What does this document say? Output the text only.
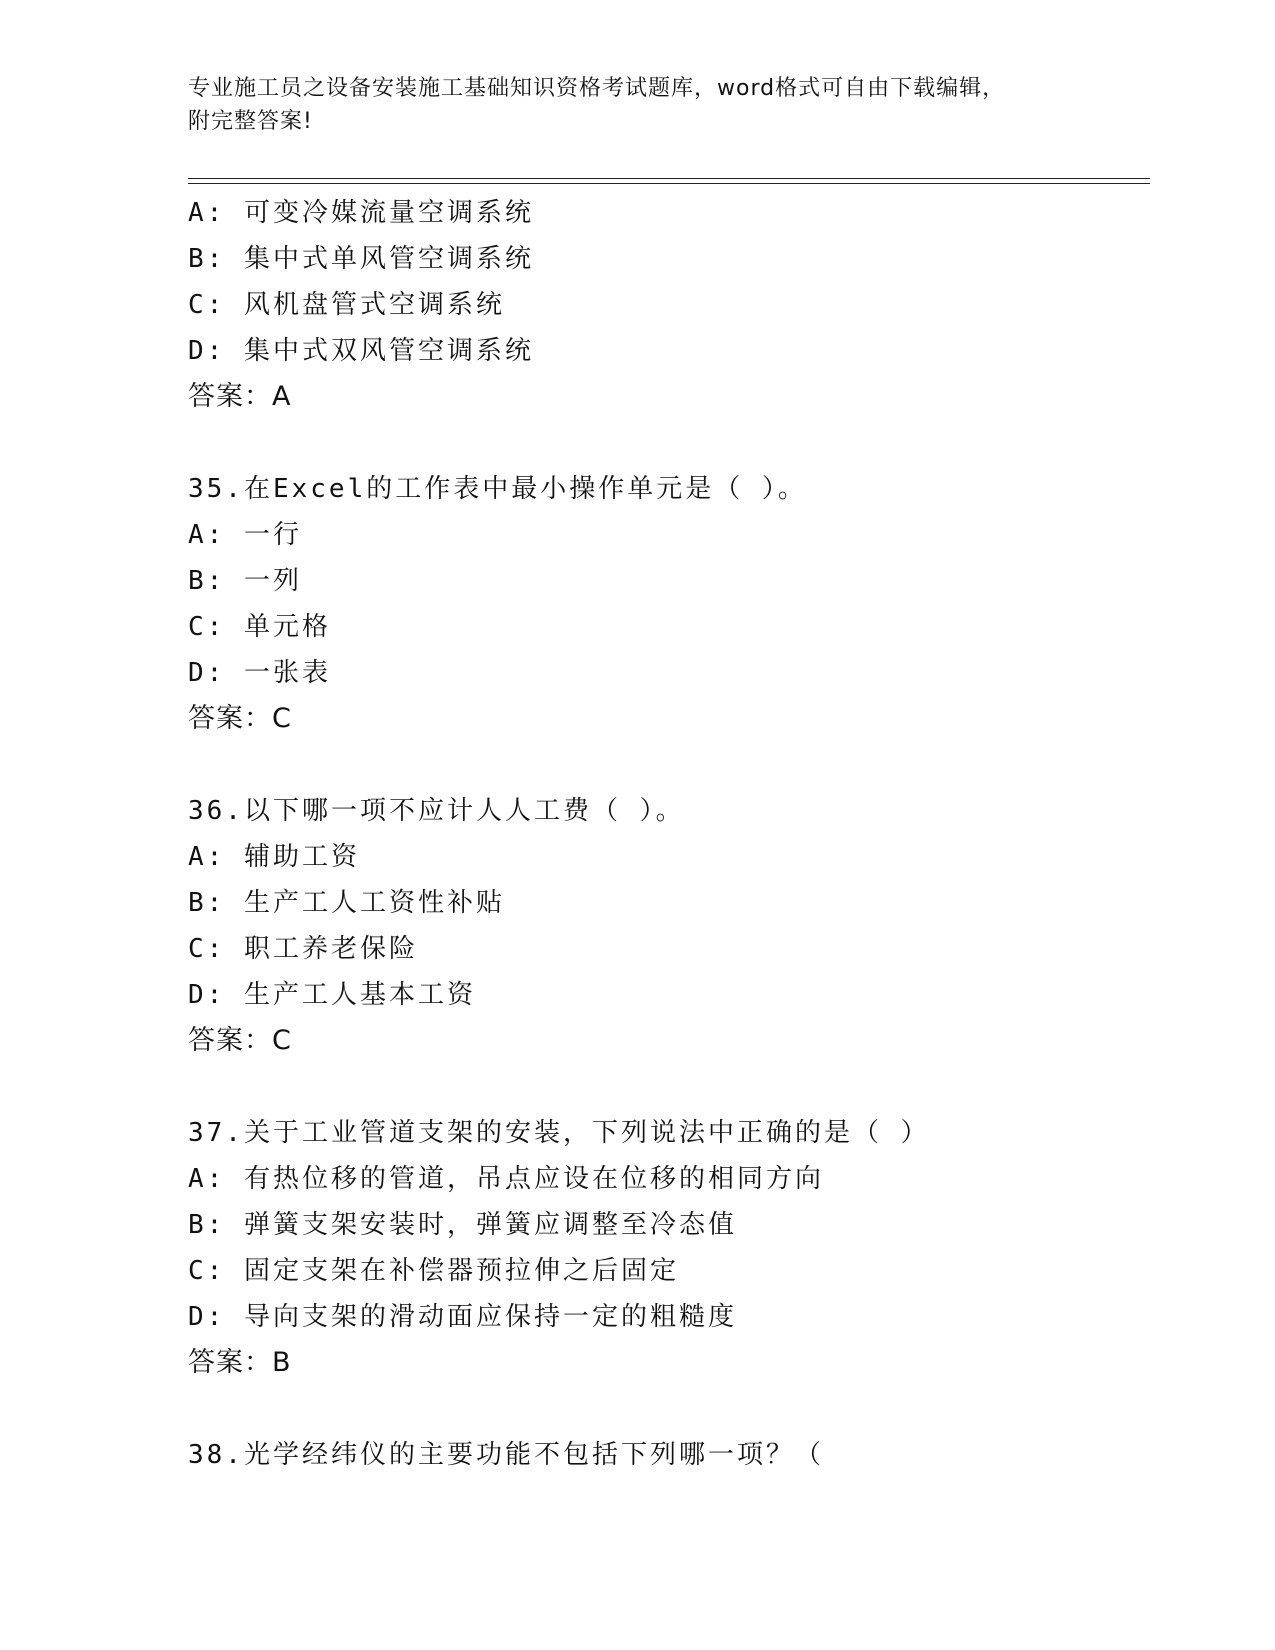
专业施工员之设备安装施工基础知识资格考试题库，word格式可自由下载编辑，
附完整答案!
A: 可变冷媒流量空调系统
B: 集中式单风管空调系统
C: 风机盘管式空调系统
D: 集中式双风管空调系统
答案：A
35.在Excel的工作表中最小操作单元是（ ）。
A: 一行
B: 一列
C: 单元格
D: 一张表
答案：C
36.以下哪一项不应计人人工费（ ）。
A: 辅助工资
B: 生产工人工资性补贴
C: 职工养老保险
D: 生产工人基本工资
答案：C
37.关于工业管道支架的安装，下列说法中正确的是（ ）
A: 有热位移的管道，吊点应设在位移的相同方向
B: 弹簧支架安装时，弹簧应调整至冷态值
C: 固定支架在补偿器预拉伸之后固定
D: 导向支架的滑动面应保持一定的粗糙度
答案：B
38.光学经纬仪的主要功能不包括下列哪一项？（
